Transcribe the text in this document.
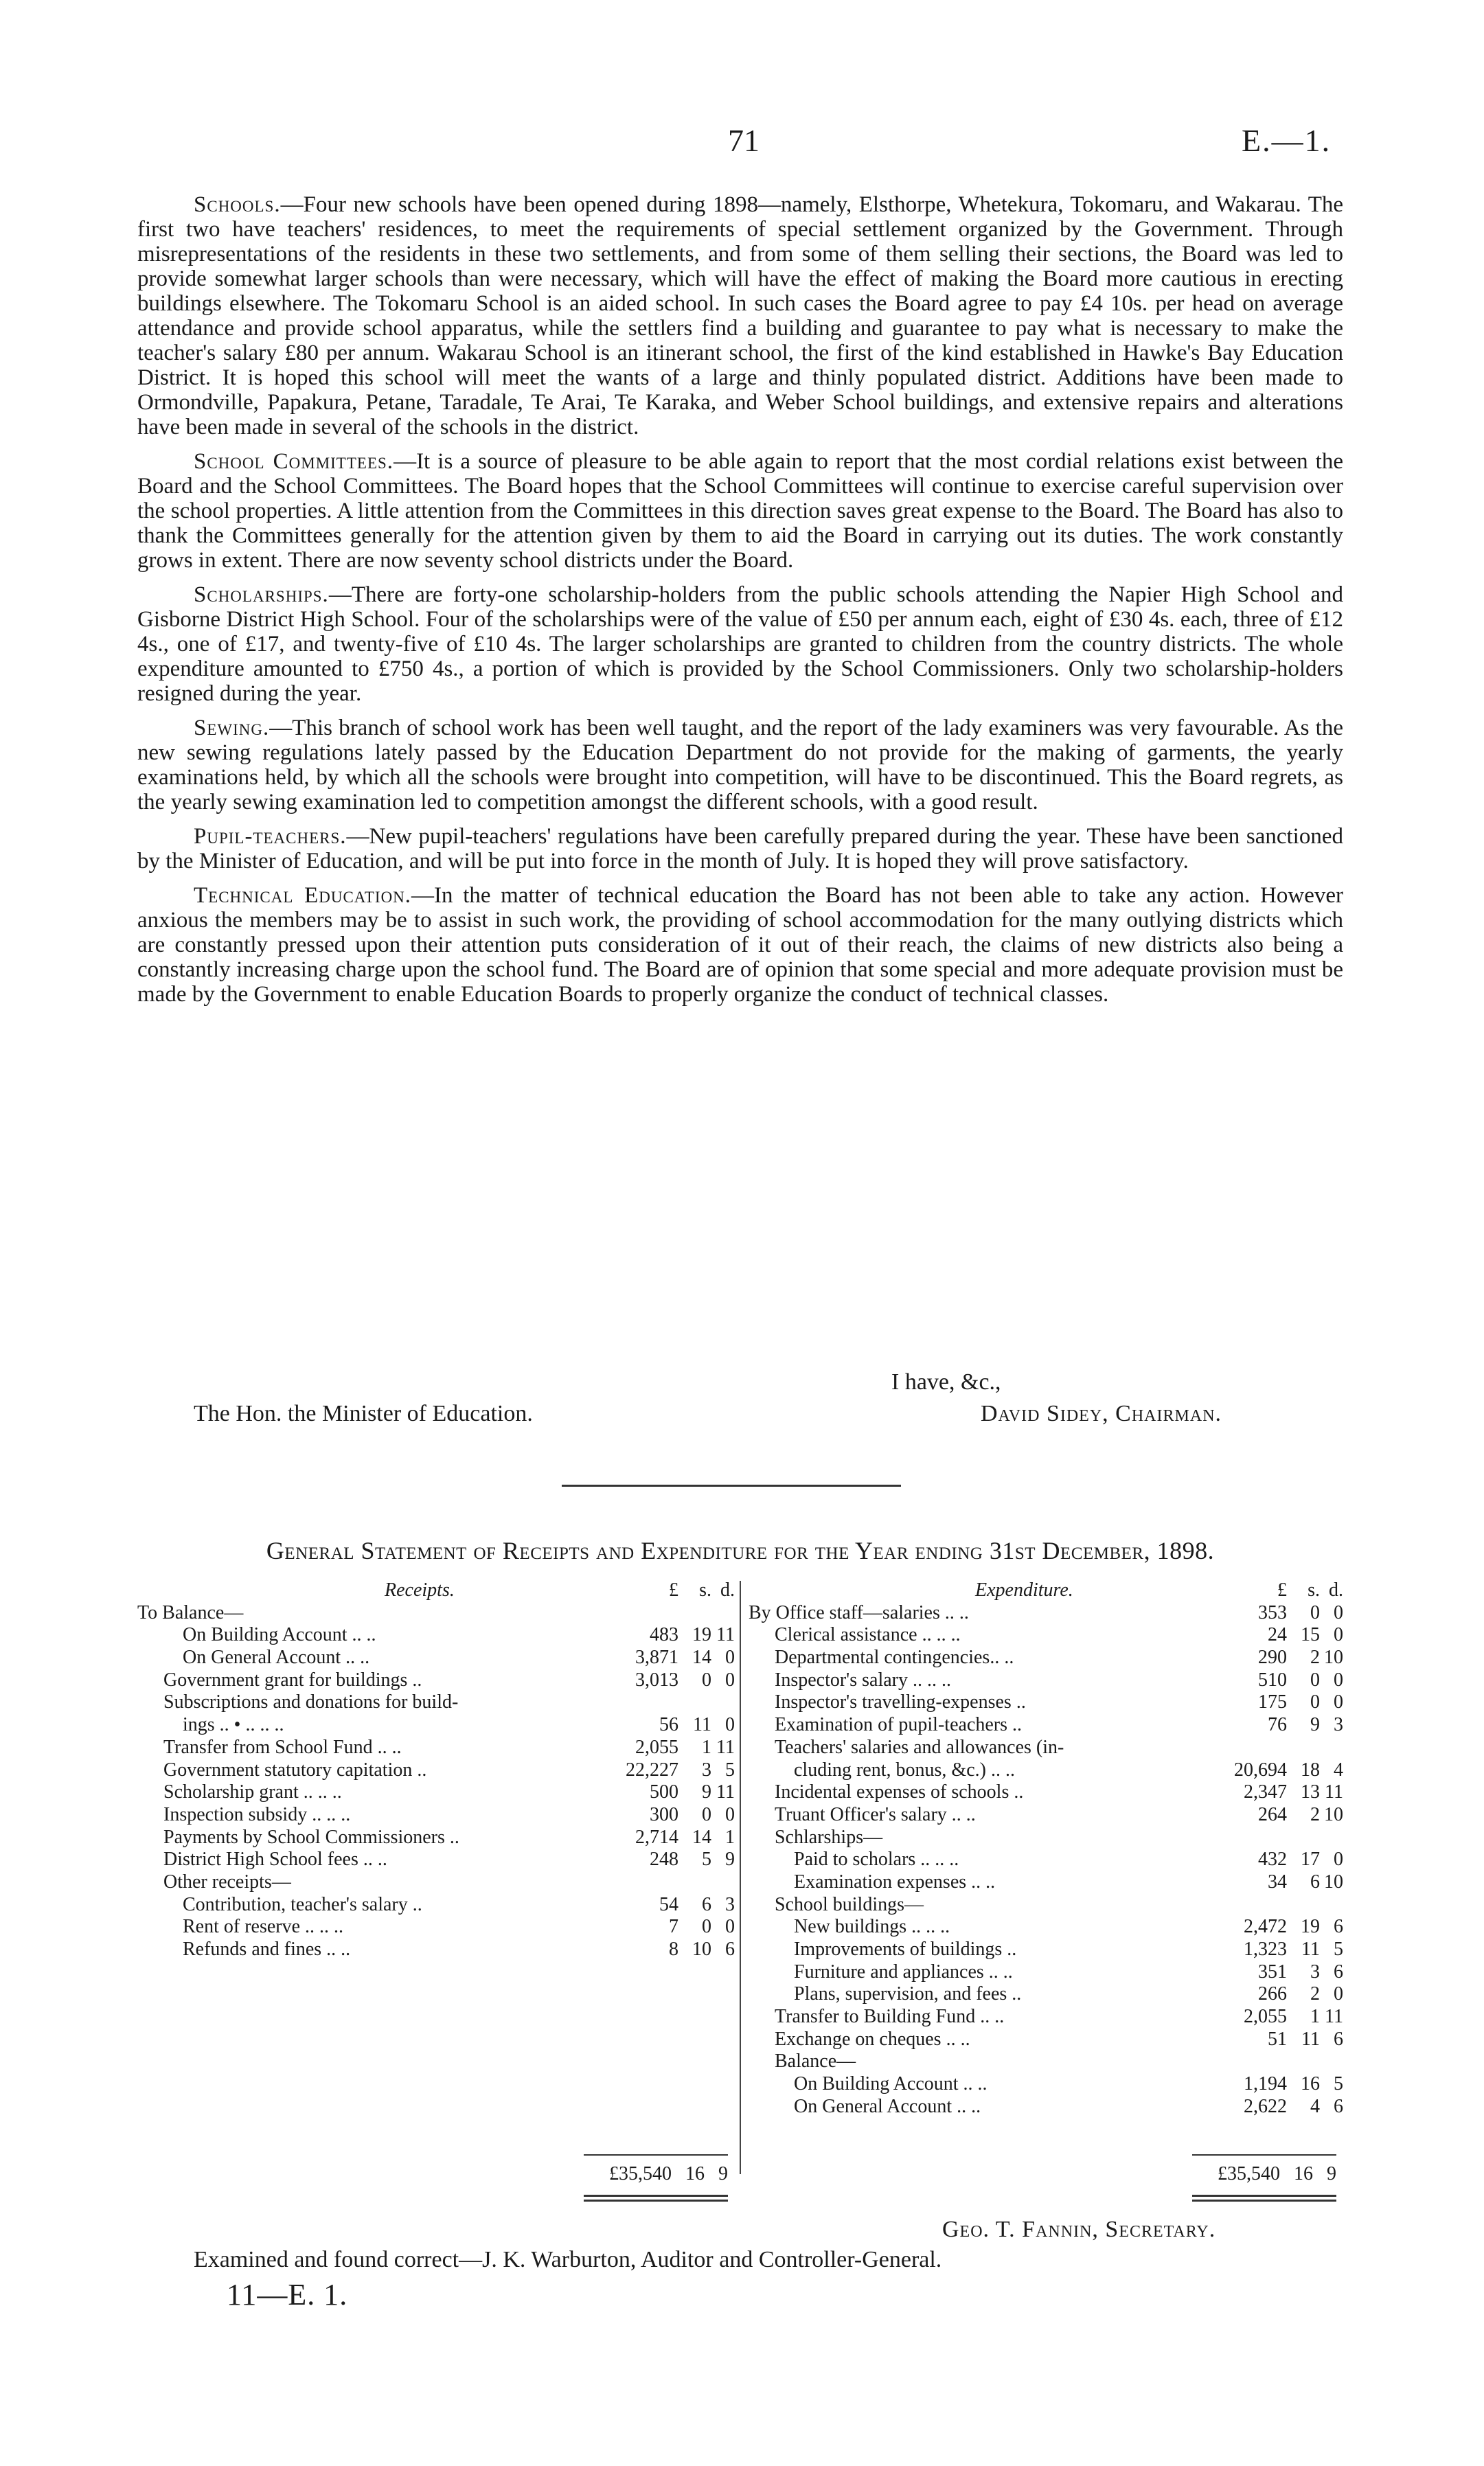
71	E.—1.

Schools.—Four new schools have been opened during 1898—namely, Elsthorpe, Whetekura, Tokomaru, and Wakarau. The first two have teachers' residences, to meet the requirements of special settlement organized by the Government. Through misrepresentations of the residents in these two settlements, and from some of them selling their sections, the Board was led to provide somewhat larger schools than were necessary, which will have the effect of making the Board more cautious in erecting buildings elsewhere. The Tokomaru School is an aided school. In such cases the Board agree to pay £4 10s. per head on average attendance and provide school apparatus, while the settlers find a building and guarantee to pay what is necessary to make the teacher's salary £80 per annum. Wakarau School is an itinerant school, the first of the kind established in Hawke's Bay Education District. It is hoped this school will meet the wants of a large and thinly populated district. Additions have been made to Ormondville, Papakura, Petane, Taradale, Te Arai, Te Karaka, and Weber School buildings, and extensive repairs and alterations have been made in several of the schools in the district.

School Committees.—It is a source of pleasure to be able again to report that the most cordial relations exist between the Board and the School Committees. The Board hopes that the School Committees will continue to exercise careful supervision over the school properties. A little attention from the Committees in this direction saves great expense to the Board. The Board has also to thank the Committees generally for the attention given by them to aid the Board in carrying out its duties. The work constantly grows in extent. There are now seventy school districts under the Board.

Scholarships.—There are forty-one scholarship-holders from the public schools attending the Napier High School and Gisborne District High School. Four of the scholarships were of the value of £50 per annum each, eight of £30 4s. each, three of £12 4s., one of £17, and twenty-five of £10 4s. The larger scholarships are granted to children from the country districts. The whole expenditure amounted to £750 4s., a portion of which is provided by the School Commissioners. Only two scholarship-holders resigned during the year.

Sewing.—This branch of school work has been well taught, and the report of the lady examiners was very favourable. As the new sewing regulations lately passed by the Education Department do not provide for the making of garments, the yearly examinations held, by which all the schools were brought into competition, will have to be discontinued. This the Board regrets, as the yearly sewing examination led to competition amongst the different schools, with a good result.

Pupil-teachers.—New pupil-teachers' regulations have been carefully prepared during the year. These have been sanctioned by the Minister of Education, and will be put into force in the month of July. It is hoped they will prove satisfactory.

Technical Education.—In the matter of technical education the Board has not been able to take any action. However anxious the members may be to assist in such work, the providing of school accommodation for the many outlying districts which are constantly pressed upon their attention puts consideration of it out of their reach, the claims of new districts also being a constantly increasing charge upon the school fund. The Board are of opinion that some special and more adequate provision must be made by the Government to enable Education Boards to properly organize the conduct of technical classes.

I have, &c.,
The Hon. the Minister of Education.	David Sidey, Chairman.
General Statement of Receipts and Expenditure for the Year ending 31st December, 1898.
Receipts.	£ s. d.
To Balance—
On Building Account .. ..	483 19 11
On General Account .. ..	3,871 14 0
Government grant for buildings ..	3,013 0 0
Subscriptions and donations for build-
ings .. • .. .. ..	56 11 0
Transfer from School Fund .. ..	2,055 1 11
Government statutory capitation ..	22,227 3 5
Scholarship grant .. .. ..	500 9 11
Inspection subsidy .. .. ..	300 0 0
Payments by School Commissioners ..	2,714 14 1
District High School fees .. ..	248 5 9
Other receipts—
Contribution, teacher's salary ..	54 6 3
Rent of reserve .. .. ..	7 0 0
Refunds and fines .. ..	8 10 6
Expenditure.	£ s. d.
By Office staff—salaries .. ..	353 0 0
Clerical assistance .. .. ..	24 15 0
Departmental contingencies.. ..	290 2 10
Inspector's salary .. .. ..	510 0 0
Inspector's travelling-expenses ..	175 0 0
Examination of pupil-teachers ..	76 9 3
Teachers' salaries and allowances (in-
cluding rent, bonus, &c.) .. ..	20,694 18 4
Incidental expenses of schools ..	2,347 13 11
Truant Officer's salary .. ..	264 2 10
Schlarships—
Paid to scholars .. .. ..	432 17 0
Examination expenses .. ..	34 6 10
School buildings—
New buildings .. .. ..	2,472 19 6
Improvements of buildings ..	1,323 11 5
Furniture and appliances .. ..	351 3 6
Plans, supervision, and fees ..	266 2 0
Transfer to Building Fund .. ..	2,055 1 11
Exchange on cheques .. ..	51 11 6
Balance—
On Building Account .. ..	1,194 16 5
On General Account .. ..	2,622 4 6
£35,540 16 9	£35,540 16 9
Geo. T. Fannin, Secretary.
Examined and found correct—J. K. Warburton, Auditor and Controller-General.
11—E. 1.
